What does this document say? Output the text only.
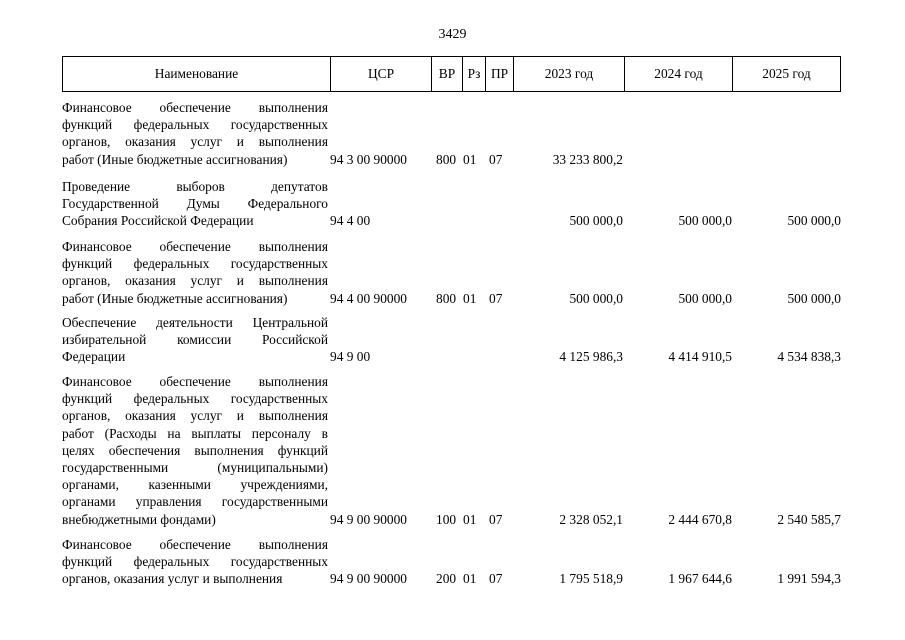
3429
Наименование	ЦСР	ВР Рз ПР	2023 год	2024 год	2025 год
Финансовое обеспечение выполнения
функций федеральных государственных
органов, оказания услуг и выполнения
работ (Иные бюджетные ассигнования)	94 3 00 90000 800 01 07	33 233 800,2
Проведение выборов депутатов
Государственной Думы Федерального
Собрания Российской Федерации	94 4 00	500 000,0	500 000,0	500 000,0
Финансовое обеспечение выполнения
функций федеральных государственных
органов, оказания услуг и выполнения
работ (Иные бюджетные ассигнования)	94 4 00 90000 800 01 07	500 000,0	500 000,0	500 000,0
Обеспечение деятельности Центральной
избирательной комиссии Российской
Федерации	94 9 00	4 125 986,3	4 414 910,5	4 534 838,3
Финансовое обеспечение выполнения
функций федеральных государственных
органов, оказания услуг и выполнения
работ (Расходы на выплаты персоналу в
целях обеспечения выполнения функций
государственными (муниципальными)
органами, казенными учреждениями,
органами управления государственными
внебюджетными фондами)	94 9 00 90000 100 01 07	2 328 052,1	2 444 670,8	2 540 585,7
Финансовое обеспечение выполнения
функций федеральных государственных
органов, оказания услуг и выполнения	94 9 00 90000 200 01 07	1 795 518,9	1 967 644,6	1 991 594,3
